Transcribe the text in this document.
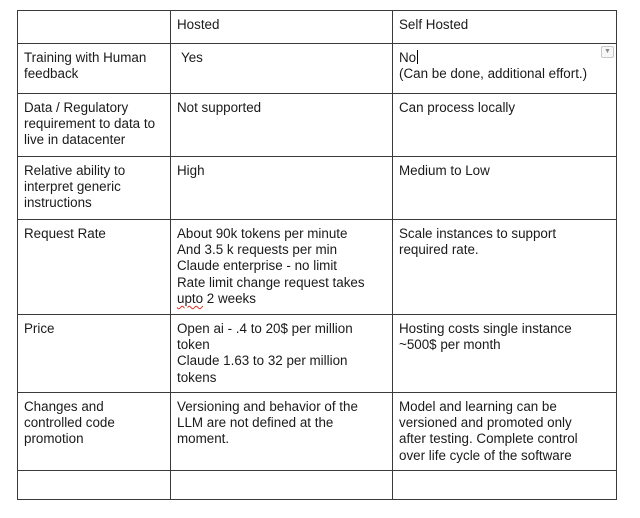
	Hosted	Self Hosted

Training with Human
feedback	Yes	No
(Can be done, additional effort.)
▼

Data / Regulatory
requirement to data to
live in datacenter	Not supported	Can process locally

Relative ability to
interpret generic
instructions	High	Medium to Low

Request Rate	About 90k tokens per minute
And 3.5 k requests per min
Claude enterprise - no limit
Rate limit change request takes
upto 2 weeks	Scale instances to support
required rate.

Price	Open ai - .4 to 20$ per million
token
Claude 1.63 to 32 per million
tokens	Hosting costs single instance
~500$ per month

Changes and
controlled code
promotion	Versioning and behavior of the
LLM are not defined at the
moment.	Model and learning can be
versioned and promoted only
after testing. Complete control
over life cycle of the software
